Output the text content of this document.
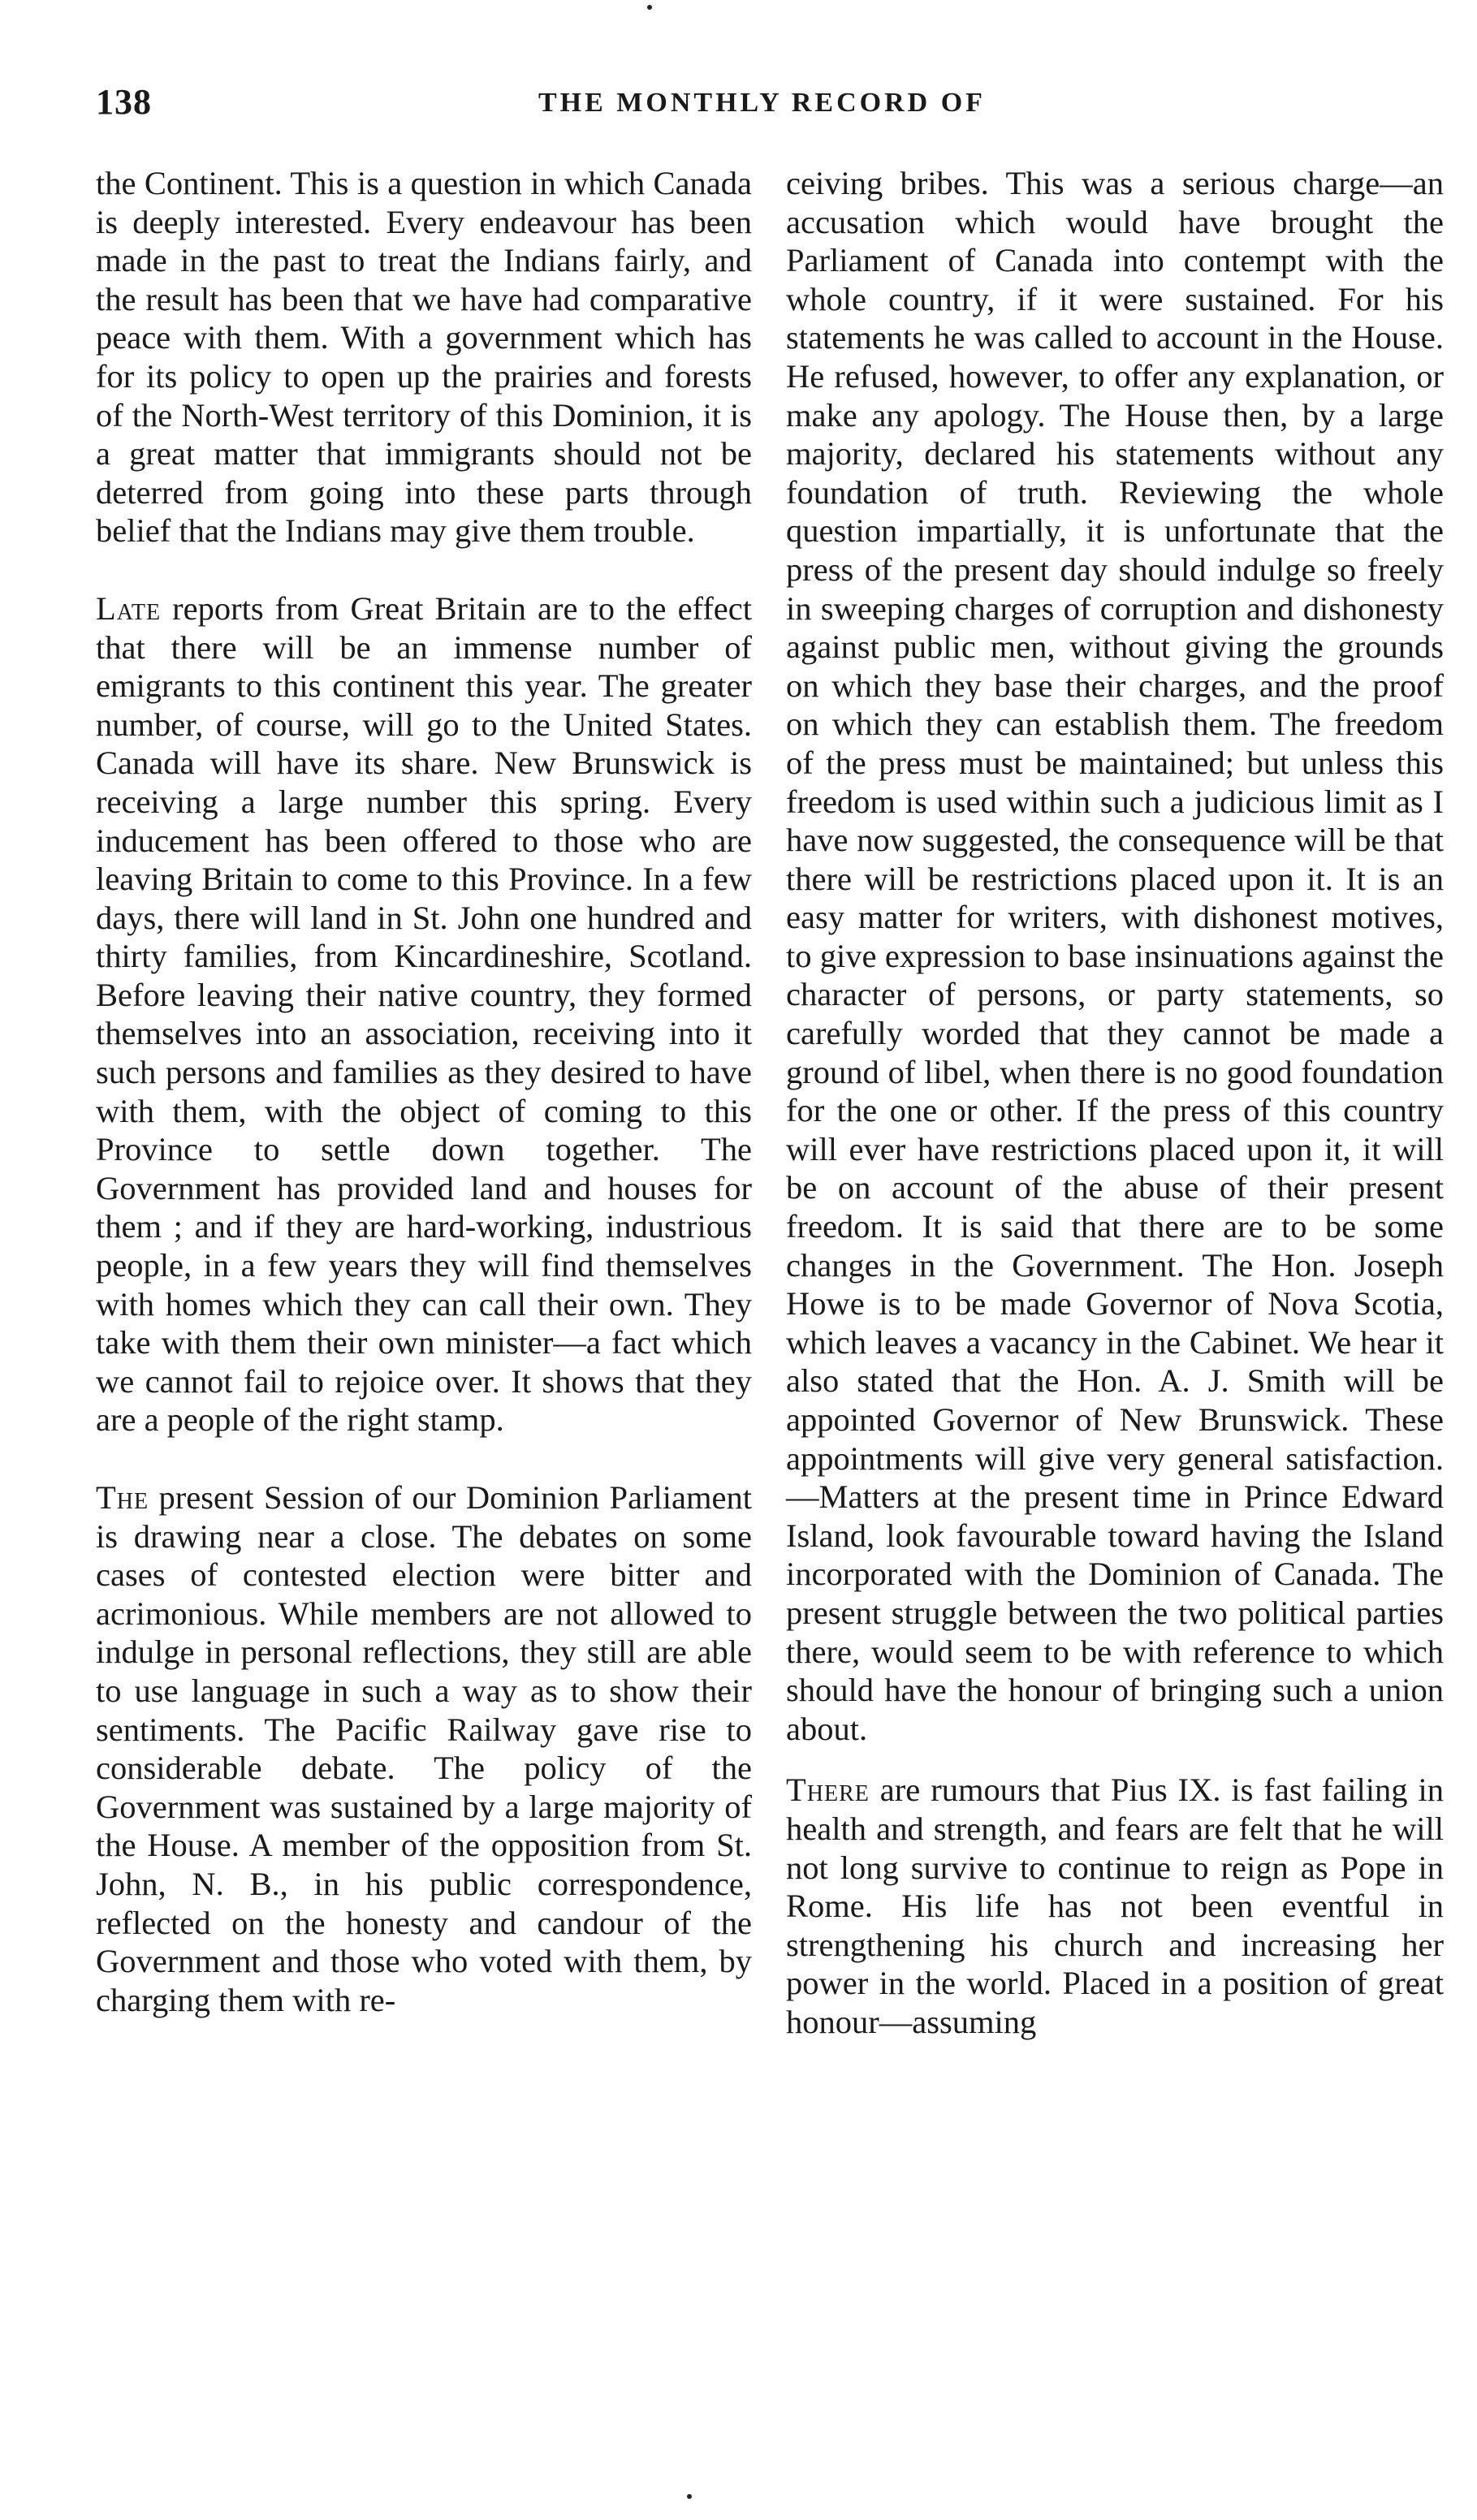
138	THE MONTHLY RECORD OF

the Continent. This is a question in which Canada is deeply interested. Every endeavour has been made in the past to treat the Indians fairly, and the result has been that we have had comparative peace with them. With a government which has for its policy to open up the prairies and forests of the North-West territory of this Dominion, it is a great matter that immigrants should not be deterred from going into these parts through belief that the Indians may give them trouble.

Late reports from Great Britain are to the effect that there will be an immense number of emigrants to this continent this year. The greater number, of course, will go to the United States. Canada will have its share. New Brunswick is receiving a large number this spring. Every inducement has been offered to those who are leaving Britain to come to this Province. In a few days, there will land in St. John one hundred and thirty families, from Kincardineshire, Scotland. Before leaving their native country, they formed themselves into an association, receiving into it such persons and families as they desired to have with them, with the object of coming to this Province to settle down together. The Government has provided land and houses for them ; and if they are hard-working, industrious people, in a few years they will find themselves with homes which they can call their own. They take with them their own minister—a fact which we cannot fail to rejoice over. It shows that they are a people of the right stamp.

The present Session of our Dominion Parliament is drawing near a close. The debates on some cases of contested election were bitter and acrimonious. While members are not allowed to indulge in personal reflections, they still are able to use language in such a way as to show their sentiments. The Pacific Railway gave rise to considerable debate. The policy of the Government was sustained by a large majority of the House. A member of the opposition from St. John, N. B., in his public correspondence, reflected on the honesty and candour of the Government and those who voted with them, by charging them with re-

ceiving bribes. This was a serious charge—an accusation which would have brought the Parliament of Canada into contempt with the whole country, if it were sustained. For his statements he was called to account in the House. He refused, however, to offer any explanation, or make any apology. The House then, by a large majority, declared his statements without any foundation of truth. Reviewing the whole question impartially, it is unfortunate that the press of the present day should indulge so freely in sweeping charges of corruption and dishonesty against public men, without giving the grounds on which they base their charges, and the proof on which they can establish them. The freedom of the press must be maintained; but unless this freedom is used within such a judicious limit as I have now suggested, the consequence will be that there will be restrictions placed upon it. It is an easy matter for writers, with dishonest motives, to give expression to base insinuations against the character of persons, or party statements, so carefully worded that they cannot be made a ground of libel, when there is no good foundation for the one or other. If the press of this country will ever have restrictions placed upon it, it will be on account of the abuse of their present freedom. It is said that there are to be some changes in the Government. The Hon. Joseph Howe is to be made Governor of Nova Scotia, which leaves a vacancy in the Cabinet. We hear it also stated that the Hon. A. J. Smith will be appointed Governor of New Brunswick. These appointments will give very general satisfaction.—Matters at the present time in Prince Edward Island, look favourable toward having the Island incorporated with the Dominion of Canada. The present struggle between the two political parties there, would seem to be with reference to which should have the honour of bringing such a union about.

There are rumours that Pius IX. is fast failing in health and strength, and fears are felt that he will not long survive to continue to reign as Pope in Rome. His life has not been eventful in strengthening his church and increasing her power in the world. Placed in a position of great honour—assuming
